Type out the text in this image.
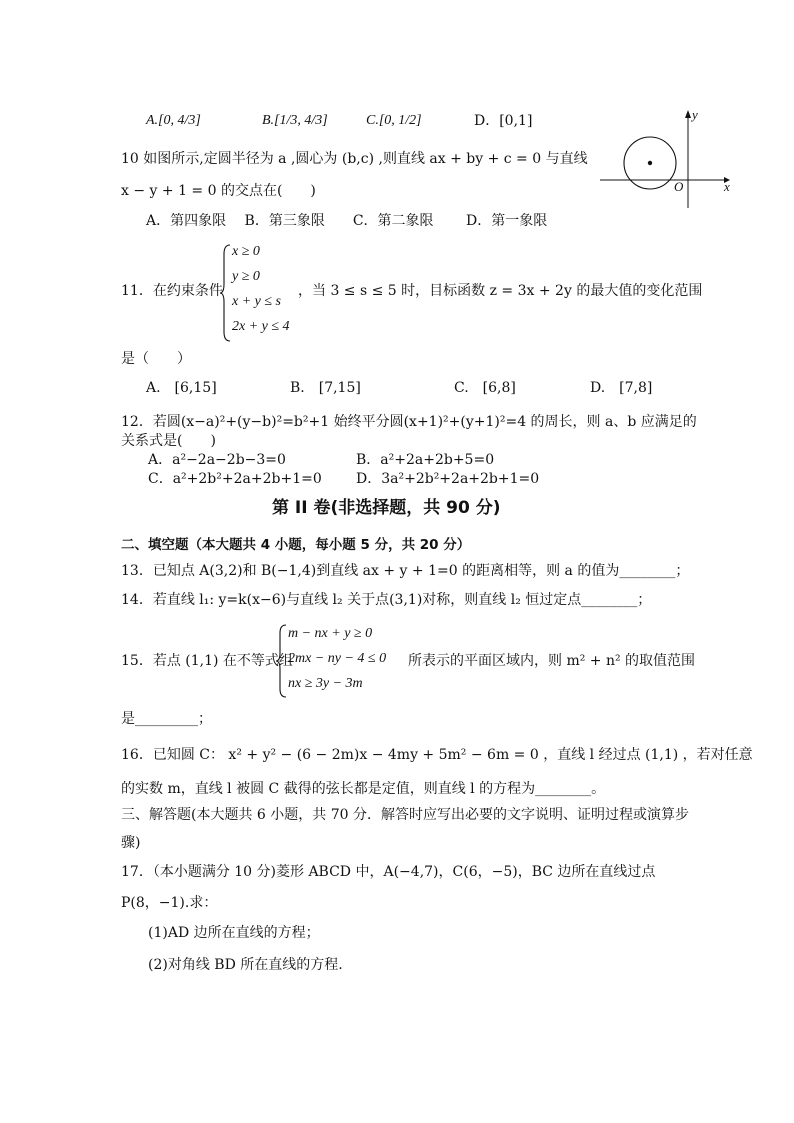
A.[0, 4/3]	B.[1/3, 4/3]	C.[0, 1/2]	D．[0,1]	y
x
O
10 如图所示,定圆半径为 a ,圆心为 (b,c) ,则直线 ax + by + c = 0 与直线
x − y + 1 = 0 的交点在(　　)
A．第四象限　 B．第三象限　　C．第二象限　　 D．第一象限
11．在约束条件
x ≥ 0
y ≥ 0
x + y ≤ s
2x + y ≤ 4
，当 3 ≤ s ≤ 5 时，目标函数 z = 3x + 2y 的最大值的变化范围
是（　　）
A.　[6,15]	B.　[7,15]	C.　[6,8]	D.　[7,8]
12．若圆(x−a)²+(y−b)²=b²+1 始终平分圆(x+1)²+(y+1)²=4 的周长，则 a、b 应满足的
关系式是(　　)
A．a²−2a−2b−3=0	B．a²+2a+2b+5=0
C．a²+2b²+2a+2b+1=0 D．3a²+2b²+2a+2b+1=0
第 II 卷(非选择题，共 90 分)
二、填空题（本大题共 4 小题，每小题 5 分，共 20 分）
13．已知点 A(3,2)和 B(−1,4)到直线 ax + y + 1=0 的距离相等，则 a 的值为________；
14．若直线 l₁: y=k(x−6)与直线 l₂ 关于点(3,1)对称，则直线 l₂ 恒过定点________；
15．若点 (1,1) 在不等式组
m − nx + y ≥ 0
2mx − ny − 4 ≤ 0
nx ≥ 3y − 3m
所表示的平面区域内，则 m² + n² 的取值范围
是_________；
16．已知圆 C： x² + y² − (6 − 2m)x − 4my + 5m² − 6m = 0 ，直线 l 经过点 (1,1) ，若对任意
的实数 m，直线 l 被圆 C 截得的弦长都是定值，则直线 l 的方程为________。
三、解答题(本大题共 6 小题，共 70 分．解答时应写出必要的文字说明、证明过程或演算步
骤)
17．（本小题满分 10 分)菱形 ABCD 中，A(−4,7)，C(6，−5)，BC 边所在直线过点
P(8，−1).求：
(1)AD 边所在直线的方程；
(2)对角线 BD 所在直线的方程.
